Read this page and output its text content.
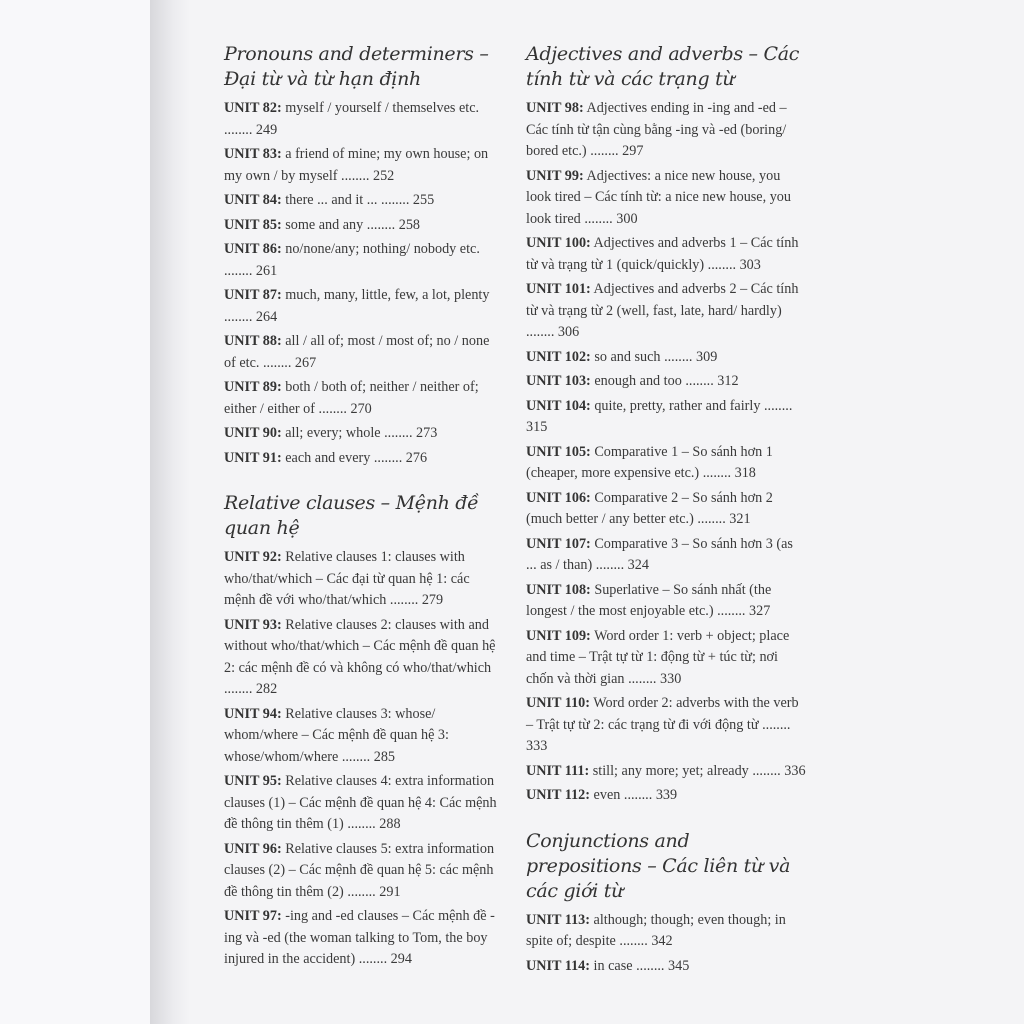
Pronouns and determiners – Đại từ và từ hạn định
UNIT 82: myself / yourself / themselves etc. ........ 249
UNIT 83: a friend of mine; my own house; on my own / by myself ........ 252
UNIT 84: there ... and it ... ........ 255
UNIT 85: some and any ........ 258
UNIT 86: no/none/any; nothing/ nobody etc. ........ 261
UNIT 87: much, many, little, few, a lot, plenty ........ 264
UNIT 88: all / all of; most / most of; no / none of etc. ........ 267
UNIT 89: both / both of; neither / neither of; either / either of ........ 270
UNIT 90: all; every; whole ........ 273
UNIT 91: each and every ........ 276
Relative clauses – Mệnh đề quan hệ
UNIT 92: Relative clauses 1: clauses with who/that/which – Các đại từ quan hệ 1: các mệnh đề với who/that/which ........ 279
UNIT 93: Relative clauses 2: clauses with and without who/that/which – Các mệnh đề quan hệ 2: các mệnh đề có và không có who/that/which ........ 282
UNIT 94: Relative clauses 3: whose/ whom/where – Các mệnh đề quan hệ 3: whose/whom/where ........ 285
UNIT 95: Relative clauses 4: extra information clauses (1) – Các mệnh đề quan hệ 4: Các mệnh đề thông tin thêm (1) ........ 288
UNIT 96: Relative clauses 5: extra information clauses (2) – Các mệnh đề quan hệ 5: các mệnh đề thông tin thêm (2) ........ 291
UNIT 97: -ing and -ed clauses – Các mệnh đề -ing và -ed (the woman talking to Tom, the boy injured in the accident) ........ 294
Adjectives and adverbs – Các tính từ và các trạng từ
UNIT 98: Adjectives ending in -ing and -ed – Các tính từ tận cùng bằng -ing và -ed (boring/ bored etc.) ........ 297
UNIT 99: Adjectives: a nice new house, you look tired – Các tính từ: a nice new house, you look tired ........ 300
UNIT 100: Adjectives and adverbs 1 – Các tính từ và trạng từ 1 (quick/quickly) ........ 303
UNIT 101: Adjectives and adverbs 2 – Các tính từ và trạng từ 2 (well, fast, late, hard/ hardly) ........ 306
UNIT 102: so and such ........ 309
UNIT 103: enough and too ........ 312
UNIT 104: quite, pretty, rather and fairly ........ 315
UNIT 105: Comparative 1 – So sánh hơn 1 (cheaper, more expensive etc.) ........ 318
UNIT 106: Comparative 2 – So sánh hơn 2 (much better / any better etc.) ........ 321
UNIT 107: Comparative 3 – So sánh hơn 3 (as ... as / than) ........ 324
UNIT 108: Superlative – So sánh nhất (the longest / the most enjoyable etc.) ........ 327
UNIT 109: Word order 1: verb + object; place and time – Trật tự từ 1: động từ + túc từ; nơi chốn và thời gian ........ 330
UNIT 110: Word order 2: adverbs with the verb – Trật tự từ 2: các trạng từ đi với động từ ........ 333
UNIT 111: still; any more; yet; already ........ 336
UNIT 112: even ........ 339
Conjunctions and prepositions – Các liên từ và các giới từ
UNIT 113: although; though; even though; in spite of; despite ........ 342
UNIT 114: in case ........ 345
